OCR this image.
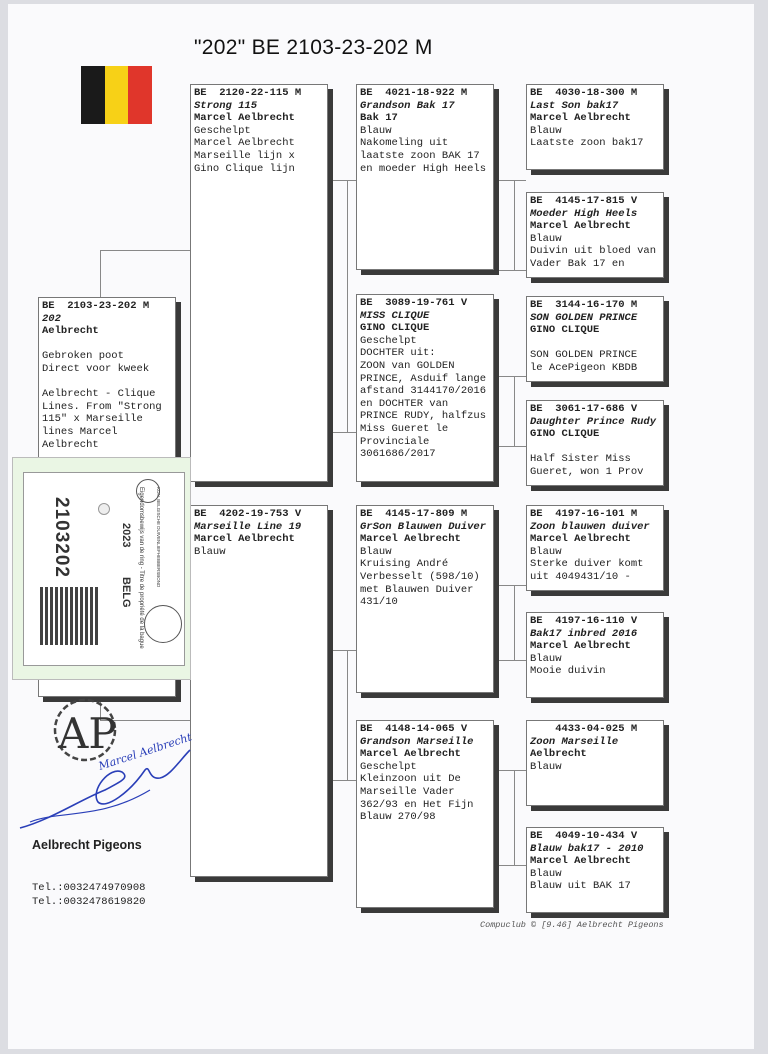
"202" BE 2103-23-202 M
BE  2103-23-202 M
202
Aelbrecht
Gebroken poot
Direct voor kweek
Aelbrecht - Clique
Lines. From "Strong
115" x Marseille
lines Marcel
Aelbrecht
BE  2120-22-115 M
Strong 115
Marcel Aelbrecht
Geschelpt
Marcel Aelbrecht
Marseille lijn x
Gino Clique lijn
BE  4202-19-753 V
Marseille Line 19
Marcel Aelbrecht
Blauw
BE  4021-18-922 M
Grandson Bak 17
Bak 17
Blauw
Nakomeling uit
laatste zoon BAK 17
en moeder High Heels
BE  3089-19-761 V
MISS CLIQUE
GINO CLIQUE
Geschelpt
DOCHTER uit:
ZOON van GOLDEN
PRINCE, Asduif lange
afstand 3144170/2016
en DOCHTER van
PRINCE RUDY, halfzus
Miss Gueret le
Provinciale
3061686/2017
BE  4145-17-809 M
GrSon Blauwen Duiver
Marcel Aelbrecht
Blauw
Kruising André
Verbesselt (598/10)
met Blauwen Duiver
431/10
BE  4148-14-065 V
Grandson Marseille
Marcel Aelbrecht
Geschelpt
Kleinzoon uit De
Marseille Vader
362/93 en Het Fijn
Blauw 270/98
BE  4030-18-300 M
Last Son bak17
Marcel Aelbrecht
Blauw
Laatste zoon bak17
BE  4145-17-815 V
Moeder High Heels
Marcel Aelbrecht
Blauw
Duivin uit bloed van
Vader Bak 17 en
BE  3144-16-170 M
SON GOLDEN PRINCE
GINO CLIQUE
SON GOLDEN PRINCE
le AcePigeon KBDB
BE  3061-17-686 V
Daughter Prince Rudy
GINO CLIQUE
Half Sister Miss
Gueret, won 1 Prov
BE  4197-16-101 M
Zoon blauwen duiver
Marcel Aelbrecht
Blauw
Sterke duiver komt
uit 4049431/10 -
BE  4197-16-110 V
Bak17 inbred 2016
Marcel Aelbrecht
Blauw
Mooie duivin
4433-04-025 M
Zoon Marseille
Aelbrecht
Blauw
BE  4049-10-434 V
Blauw bak17 - 2010
Marcel Aelbrecht
Blauw
Blauw uit BAK 17
2103202	2023
BELG
KON. BELGISCHE DUIVENLIEFHEBBERSBOND
Eigendomsbewijs van de ring - Titre de propriété de la bague
AP
Marcel Aelbrecht
Aelbrecht Pigeons
Tel.:0032474970908
Tel.:0032478619820
Compuclub © [9.46] Aelbrecht Pigeons
